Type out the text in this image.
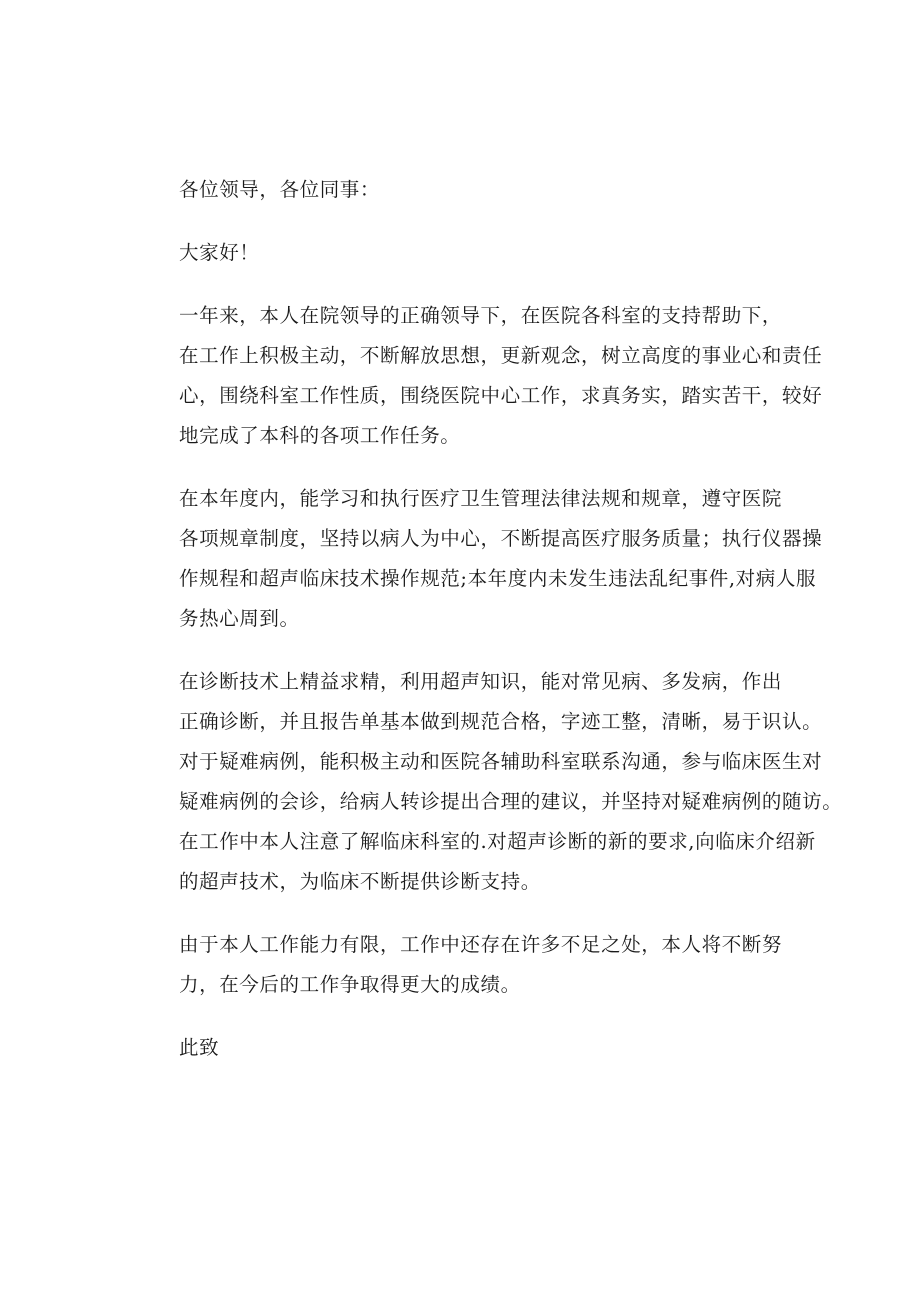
各位领导，各位同事：

大家好！

一年来，本人在院领导的正确领导下，在医院各科室的支持帮助下，
在工作上积极主动，不断解放思想，更新观念，树立高度的事业心和责任
心，围绕科室工作性质，围绕医院中心工作，求真务实，踏实苦干，较好
地完成了本科的各项工作任务。

在本年度内，能学习和执行医疗卫生管理法律法规和规章，遵守医院
各项规章制度，坚持以病人为中心，不断提高医疗服务质量；执行仪器操
作规程和超声临床技术操作规范;本年度内未发生违法乱纪事件,对病人服
务热心周到。

在诊断技术上精益求精，利用超声知识，能对常见病、多发病，作出
正确诊断，并且报告单基本做到规范合格，字迹工整，清晰，易于识认。
对于疑难病例，能积极主动和医院各辅助科室联系沟通，参与临床医生对
疑难病例的会诊，给病人转诊提出合理的建议，并坚持对疑难病例的随访。
在工作中本人注意了解临床科室的.对超声诊断的新的要求,向临床介绍新
的超声技术，为临床不断提供诊断支持。

由于本人工作能力有限，工作中还存在许多不足之处，本人将不断努
力，在今后的工作争取得更大的成绩。

此致
